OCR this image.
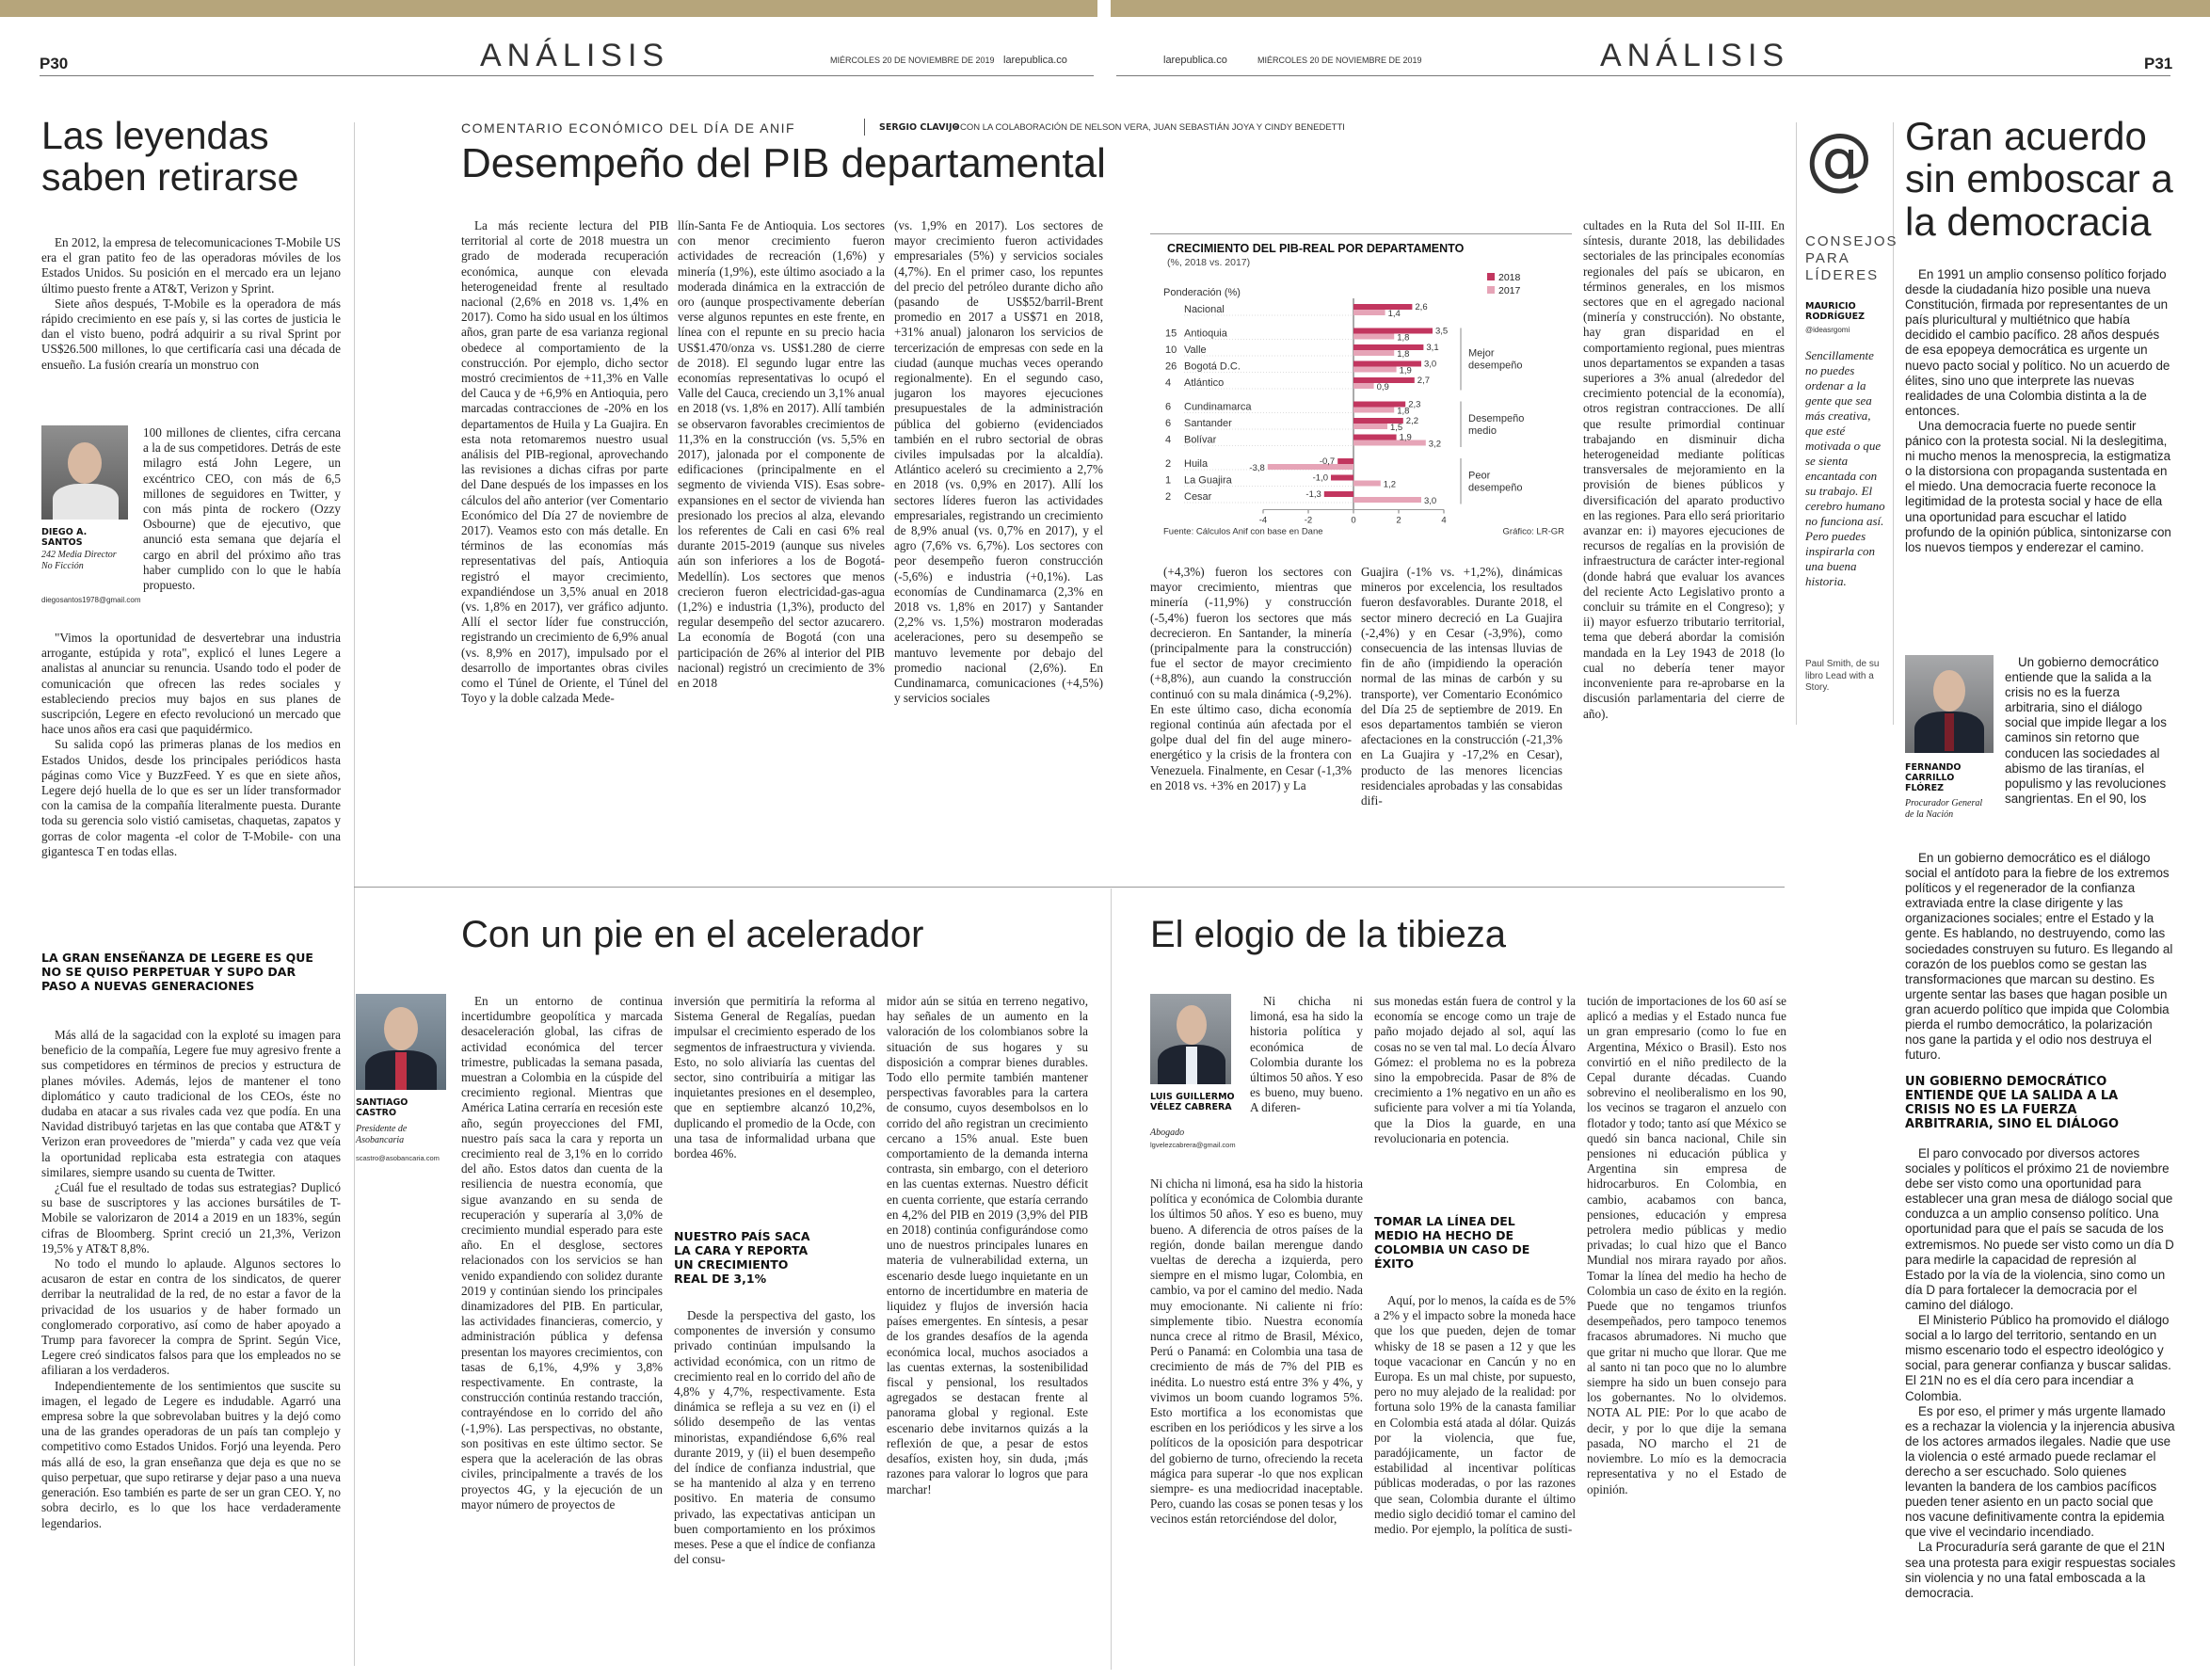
P30	ANÁLISIS	MIÉRCOLES 20 DE NOVIEMBRE DE 2019 larepublica.co	larepublica.co	MIÉRCOLES 20 DE NOVIEMBRE DE 2019	ANÁLISIS	P31
Las leyendas saben retirarse

En 2012, la empresa de telecomunicaciones T-Mobile US era el gran patito feo de las operadoras móviles de los Estados Unidos. Su posición en el mercado era un lejano último puesto frente a AT&T, Verizon y Sprint.

Siete años después, T-Mobile es la operadora de más rápido crecimiento en ese país y, si las cortes de justicia le dan el visto bueno, podrá adquirir a su rival Sprint por US$26.500 millones, lo que certificaría casi una década de ensueño. La fusión crearía un monstruo con

DIEGO A. SANTOS
242 Media Director No Ficción
diegosantos1978@gmail.com

100 millones de clientes, cifra cercana a la de sus competidores. Detrás de este milagro está John Legere, un excéntrico CEO, con más de 6,5 millones de seguidores en Twitter, y con más pinta de rockero (Ozzy Osbourne) que de ejecutivo, que anunció esta semana que dejaría el cargo en abril del próximo año tras haber cumplido con lo que le había propuesto.

"Vimos la oportunidad de desvertebrar una industria arrogante, estúpida y rota", explicó el lunes Legere a analistas al anunciar su renuncia. Usando todo el poder de comunicación que ofrecen las redes sociales y estableciendo precios muy bajos en sus planes de suscripción, Legere en efecto revolucionó un mercado que hace unos años era casi que paquidérmico.

Su salida copó las primeras planas de los medios en Estados Unidos, desde los principales periódicos hasta páginas como Vice y BuzzFeed. Y es que en siete años, Legere dejó huella de lo que es ser un líder transformador con la camisa de la compañía literalmente puesta. Durante toda su gerencia solo vistió camisetas, chaquetas, zapatos y gorras de color magenta -el color de T-Mobile- con una gigantesca T en todas ellas.

LA GRAN ENSEÑANZA DE LEGERE ES QUE NO SE QUISO PERPETUAR Y SUPO DAR PASO A NUEVAS GENERACIONES

Más allá de la sagacidad con la exploté su imagen para beneficio de la compañía, Legere fue muy agresivo frente a sus competidores en términos de precios y estructura de planes móviles. Además, lejos de mantener el tono diplomático y cauto tradicional de los CEOs, éste no dudaba en atacar a sus rivales cada vez que podía. En una Navidad distribuyó tarjetas en las que contaba que AT&T y Verizon eran proveedores de "mierda" y cada vez que veía la oportunidad replicaba esta estrategia con ataques similares, siempre usando su cuenta de Twitter.

¿Cuál fue el resultado de todas sus estrategias? Duplicó su base de suscriptores y las acciones bursátiles de T-Mobile se valorizaron de 2014 a 2019 en un 183%, según cifras de Bloomberg. Sprint creció un 21,3%, Verizon 19,5% y AT&T 8,8%.

No todo el mundo lo aplaude. Algunos sectores lo acusaron de estar en contra de los sindicatos, de querer derribar la neutralidad de la red, de no estar a favor de la privacidad de los usuarios y de haber formado un conglomerado corporativo, así como de haber apoyado a Trump para favorecer la compra de Sprint. Según Vice, Legere creó sindicatos falsos para que los empleados no se afiliaran a los verdaderos.

Independientemente de los sentimientos que suscite su imagen, el legado de Legere es indudable. Agarró una empresa sobre la que sobrevolaban buitres y la dejó como una de las grandes operadoras de un país tan complejo y competitivo como Estados Unidos. Forjó una leyenda. Pero más allá de eso, la gran enseñanza que deja es que no se quiso perpetuar, que supo retirarse y dejar paso a una nueva generación. Eso también es parte de ser un gran CEO. Y, no sobra decirlo, es lo que los hace verdaderamente legendarios.

COMENTARIO ECONÓMICO DEL DÍA DE ANIF	SERGIO CLAVIJO
• CON LA COLABORACIÓN DE NELSON VERA, JUAN SEBASTIÁN JOYA Y CINDY BENEDETTI
Desempeño del PIB departamental
La más reciente lectura del PIB territorial al corte de 2018 muestra un grado de moderada recuperación económica, aunque con elevada heterogeneidad frente al resultado nacional (2,6% en 2018 vs. 1,4% en 2017). Como ha sido usual en los últimos años, gran parte de esa varianza regional obedece al comportamiento de la construcción. Por ejemplo, dicho sector mostró crecimientos de +11,3% en Valle del Cauca y de +6,9% en Antioquia, pero marcadas contracciones de -20% en los departamentos de Huila y La Guajira. En esta nota retomaremos nuestro usual análisis del PIB-regional, aprovechando las revisiones a dichas cifras por parte del Dane después de los impasses en los cálculos del año anterior (ver Comentario Económico del Día 27 de noviembre de 2017). Veamos esto con más detalle. En términos de las economías más representativas del país, Antioquia registró el mayor crecimiento, expandiéndose un 3,5% anual en 2018 (vs. 1,8% en 2017), ver gráfico adjunto. Allí el sector líder fue construcción, registrando un crecimiento de 6,9% anual (vs. 8,9% en 2017), impulsado por el desarrollo de importantes obras civiles como el Túnel de Oriente, el Túnel del Toyo y la doble calzada Mede-
llín-Santa Fe de Antioquia. Los sectores con menor crecimiento fueron actividades de recreación (1,6%) y minería (1,9%), este último asociado a la moderada dinámica en la extracción de oro (aunque prospectivamente deberían verse algunos repuntes en este frente, en línea con el repunte en su precio hacia US$1.470/onza vs. US$1.280 de cierre de 2018). El segundo lugar entre las economías representativas lo ocupó el Valle del Cauca, creciendo un 3,1% anual en 2018 (vs. 1,8% en 2017). Allí también se observaron favorables crecimientos de 11,3% en la construcción (vs. 5,5% en 2017), jalonada por el componente de edificaciones (principalmente en el segmento de vivienda VIS). Esas sobre-expansiones en el sector de vivienda han presionado los precios al alza, elevando los referentes de Cali en casi 6% real durante 2015-2019 (aunque sus niveles aún son inferiores a los de Bogotá-Medellín). Los sectores que menos crecieron fueron electricidad-gas-agua (1,2%) e industria (1,3%), producto del regular desempeño del sector azucarero. La economía de Bogotá (con una participación de 26% al interior del PIB nacional) registró un crecimiento de 3% en 2018
(vs. 1,9% en 2017). Los sectores de mayor crecimiento fueron actividades empresariales (5%) y servicios sociales (4,7%). En el primer caso, los repuntes del precio del petróleo durante dicho año (pasando de US$52/barril-Brent promedio en 2017 a US$71 en 2018, +31% anual) jalonaron los servicios de tercerización de empresas con sede en la ciudad (aunque muchas veces operando regionalmente). En el segundo caso, jugaron los mayores ejecuciones presupuestales de la administración pública del gobierno (evidenciados también en el rubro sectorial de obras civiles impulsadas por la alcaldía). Atlántico aceleró su crecimiento a 2,7% en 2018 (vs. 0,9% en 2017). Allí los sectores líderes fueron las actividades empresariales, registrando un crecimiento de 8,9% anual (vs. 0,7% en 2017), y el agro (7,6% vs. 6,7%). Los sectores con peor desempeño fueron construcción (-5,6%) e industria (+0,1%). Las economías de Cundinamarca (2,3% en 2018 vs. 1,8% en 2017) y Santander (2,2% vs. 1,5%) mostraron moderadas aceleraciones, pero su desempeño se mantuvo levemente por debajo del promedio nacional (2,6%). En Cundinamarca, comunicaciones (+4,5%) y servicios sociales
CRECIMIENTO DEL PIB-REAL POR DEPARTAMENTO
(%, 2018 vs. 2017)
2018
2017
Ponderación (%)
-4	-2	0	2	4
Nacional	2,6
1,4
15 Antioquia	3,5
1,8
10 Valle	3,1
1,8
26 Bogotá D.C.	3,0
1,9
4 Atlántico	2,7
0,9
6 Cundinamarca	2,3
1,8
6 Santander	2,2
1,5
4 Bolívar	1,9
3,2
2 Huila	-0,7
-3,8
1 La Guajira	-1,0
1,2
2 Cesar	-1,3
3,0
Mejor
desempeño
Desempeño
medio
Peor
desempeño
Fuente: Cálculos Anif con base en Dane	Gráfico: LR-GR
(+4,3%) fueron los sectores con mayor crecimiento, mientras que minería (-11,9%) y construcción (-5,4%) fueron los sectores que más decrecieron. En Santander, la minería (principalmente para la construcción) fue el sector de mayor crecimiento (+8,8%), aun cuando la construcción continuó con su mala dinámica (-9,2%). En este último caso, dicha economía regional continúa aún afectada por el golpe dual del fin del auge minero-energético y la crisis de la frontera con Venezuela. Finalmente, en Cesar (-1,3% en 2018 vs. +3% en 2017) y La
Guajira (-1% vs. +1,2%), dinámicas mineros por excelencia, los resultados fueron desfavorables. Durante 2018, el sector minero decreció en La Guajira (-2,4%) y en Cesar (-3,9%), como consecuencia de las intensas lluvias de fin de año (impidiendo la operación normal de las minas de carbón y su transporte), ver Comentario Económico del Día 25 de septiembre de 2019. En esos departamentos también se vieron afectaciones en la construcción (-21,3% en La Guajira y -17,2% en Cesar), producto de las menores licencias residenciales aprobadas y las consabidas difi-
cultades en la Ruta del Sol II-III. En síntesis, durante 2018, las debilidades sectoriales de las principales economías regionales del país se ubicaron, en términos generales, en los mismos sectores que en el agregado nacional (minería y construcción). No obstante, hay gran disparidad en el comportamiento regional, pues mientras unos departamentos se expanden a tasas superiores a 3% anual (alrededor del crecimiento potencial de la economía), otros registran contracciones. De allí que resulte primordial continuar trabajando en disminuir dicha heterogeneidad mediante políticas transversales de mejoramiento en la provisión de bienes públicos y diversificación del aparato productivo en las regiones. Para ello será prioritario avanzar en: i) mayores ejecuciones de recursos de regalías en la provisión de infraestructura de carácter inter-regional (donde habrá que evaluar los avances del reciente Acto Legislativo pronto a concluir su trámite en el Congreso); y ii) mayor esfuerzo tributario territorial, tema que deberá abordar la comisión mandada en la Ley 1943 de 2018 (lo cual no debería tener mayor inconveniente para re-aprobarse en la discusión parlamentaria del cierre de año).
Con un pie en el acelerador
SANTIAGO CASTRO
Presidente de Asobancaria
scastro@asobancaria.com
En un entorno de continua incertidumbre geopolítica y marcada desaceleración global, las cifras de actividad económica del tercer trimestre, publicadas la semana pasada, muestran a Colombia en la cúspide del crecimiento regional. Mientras que América Latina cerraría en recesión este año, según proyecciones del FMI, nuestro país saca la cara y reporta un crecimiento real de 3,1% en lo corrido del año. Estos datos dan cuenta de la resiliencia de nuestra economía, que sigue avanzando en su senda de recuperación y superaría al 3,0% de crecimiento mundial esperado para este año. En el desglose, sectores relacionados con los servicios se han venido expandiendo con solidez durante 2019 y continúan siendo los principales dinamizadores del PIB. En particular, las actividades financieras, comercio, y administración pública y defensa presentan los mayores crecimientos, con tasas de 6,1%, 4,9% y 3,8% respectivamente. En contraste, la construcción continúa restando tracción, contrayéndose en lo corrido del año (-1,9%). Las perspectivas, no obstante, son positivas en este último sector. Se espera que la aceleración de las obras civiles, principalmente a través de los proyectos 4G, y la ejecución de un mayor número de proyectos de
inversión que permitiría la reforma al Sistema General de Regalías, puedan impulsar el crecimiento esperado de los segmentos de infraestructura y vivienda. Esto, no solo aliviaría las cuentas del sector, sino contribuiría a mitigar las inquietantes presiones en el desempleo, que en septiembre alcanzó 10,2%, duplicando el promedio de la Ocde, con una tasa de informalidad urbana que bordea 46%.
NUESTRO PAÍS SACA LA CARA Y REPORTA UN CRECIMIENTO REAL DE 3,1%
Desde la perspectiva del gasto, los componentes de inversión y consumo privado continúan impulsando la actividad económica, con un ritmo de crecimiento real en lo corrido del año de 4,8% y 4,7%, respectivamente. Esta dinámica se refleja a su vez en (i) el sólido desempeño de las ventas minoristas, expandiéndose 6,6% real durante 2019, y (ii) el buen desempeño del índice de confianza industrial, que se ha mantenido al alza y en terreno positivo. En materia de consumo privado, las expectativas anticipan un buen comportamiento en los próximos meses. Pese a que el índice de confianza del consu-
midor aún se sitúa en terreno negativo, hay señales de un aumento en la valoración de los colombianos sobre la situación de sus hogares y su disposición a comprar bienes durables. Todo ello permite también mantener perspectivas favorables para la cartera de consumo, cuyos desembolsos en lo corrido del año registran un crecimiento cercano a 15% anual. Este buen comportamiento de la demanda interna contrasta, sin embargo, con el deterioro en las cuentas externas. Nuestro déficit en cuenta corriente, que estaría cerrando en 4,2% del PIB en 2019 (3,9% del PIB en 2018) continúa configurándose como uno de nuestros principales lunares en materia de vulnerabilidad externa, un escenario desde luego inquietante en un entorno de incertidumbre en materia de liquidez y flujos de inversión hacia países emergentes. En síntesis, a pesar de los grandes desafíos de la agenda económica local, muchos asociados a las cuentas externas, la sostenibilidad fiscal y pensional, los resultados agregados se destacan frente al panorama global y regional. Este escenario debe invitarnos quizás a la reflexión de que, a pesar de estos desafíos, existen hoy, sin duda, ¡más razones para valorar lo logros que para marchar!
El elogio de la tibieza
LUIS GUILLERMO VÉLEZ CABRERA
Abogado
lgvelezcabrera@gmail.com
Ni chicha ni limoná, esa ha sido la historia política y económica de Colombia durante los últimos 50 años. Y eso es bueno, muy bueno. A diferen-
Ni chicha ni limoná, esa ha sido la historia política y económica de Colombia durante los últimos 50 años. Y eso es bueno, muy bueno. A diferencia de otros países de la región, donde bailan merengue dando vueltas de derecha a izquierda, pero siempre en el mismo lugar, Colombia, en cambio, va por el camino del medio. Nada muy emocionante. Ni caliente ni frío: simplemente tibio. Nuestra economía nunca crece al ritmo de Brasil, México, Perú o Panamá: en Colombia una tasa de crecimiento de más de 7% del PIB es inédita. Lo nuestro está entre 3% y 4%, y vivimos un boom cuando logramos 5%. Esto mortifica a los economistas que escriben en los periódicos y les sirve a los políticos de la oposición para despotricar del gobierno de turno, ofreciendo la receta mágica para superar -lo que nos explican siempre- es una mediocridad inaceptable. Pero, cuando las cosas se ponen tesas y los vecinos están retorciéndose del dolor,
sus monedas están fuera de control y la economía se encoge como un traje de paño mojado dejado al sol, aquí las cosas no se ven tal mal. Lo decía Álvaro Gómez: el problema no es la pobreza sino la empobrecida. Pasar de 8% de crecimiento a 1% negativo en un año es suficiente para volver a mi tía Yolanda, que la Dios la guarde, en una revolucionaria en potencia.
TOMAR LA LÍNEA DEL MEDIO HA HECHO DE COLOMBIA UN CASO DE ÉXITO
Aquí, por lo menos, la caída es de 5% a 2% y el impacto sobre la moneda hace que los que pueden, dejen de tomar whisky de 18 se pasen a 12 y que les toque vacacionar en Cancún y no en Europa. Es un mal chiste, por supuesto, pero no muy alejado de la realidad: por fortuna solo 19% de la canasta familiar en Colombia está atada al dólar. Quizás por la violencia, que fue, paradójicamente, un factor de estabilidad al incentivar políticas públicas moderadas, o por las razones que sean, Colombia durante el último medio siglo decidió tomar el camino del medio. Por ejemplo, la política de susti-
tución de importaciones de los 60 así se aplicó a medias y el Estado nunca fue un gran empresario (como lo fue en Argentina, México o Brasil). Esto nos convirtió en el niño predilecto de la Cepal durante décadas. Cuando sobrevino el neoliberalismo en los 90, los vecinos se tragaron el anzuelo con flotador y todo; tanto así que México se quedó sin banca nacional, Chile sin pensiones ni educación pública y Argentina sin empresa de hidrocarburos. En Colombia, en cambio, acabamos con banca, pensiones, educación y empresa petrolera medio públicas y medio privadas; lo cual hizo que el Banco Mundial nos mirara rayado por años. Tomar la línea del medio ha hecho de Colombia un caso de éxito en la región. Puede que no tengamos triunfos desempeñados, pero tampoco tenemos fracasos abrumadores. Ni mucho que que gritar ni mucho que llorar. Que me al santo ni tan poco que no lo alumbre siempre ha sido un buen consejo para los gobernantes. No lo olvidemos. NOTA AL PIE: Por lo que acabo de decir, y por lo que dije la semana pasada, NO marcho el 21 de noviembre. Lo mío es la democracia representativa y no el Estado de opinión.
@
CONSEJOS PARA LÍDERES
MAURICIO RODRÍGUEZ
@ideasrgomi
Sencillamente no puedes ordenar a la gente que sea más creativa, que esté motivada o que se sienta encantada con su trabajo. El cerebro humano no funciona así. Pero puedes inspirarla con una buena historia.
Paul Smith, de su libro Lead with a Story.
Gran acuerdo sin emboscar a la democracia

En 1991 un amplio consenso político forjado desde la ciudadanía hizo posible una nueva Constitución, firmada por representantes de un país pluricultural y multiétnico que había decidido el cambio pacífico. 28 años después de esa epopeya democrática es urgente un nuevo pacto social y político. No un acuerdo de élites, sino uno que interprete las nuevas realidades de una Colombia distinta a la de entonces.

Una democracia fuerte no puede sentir pánico con la protesta social. Ni la deslegitima, ni mucho menos la menosprecia, la estigmatiza o la distorsiona con propaganda sustentada en el miedo. Una democracia fuerte reconoce la legitimidad de la protesta social y hace de ella una oportunidad para escuchar el latido profundo de la opinión pública, sintonizarse con los nuevos tiempos y enderezar el camino.

FERNANDO CARRILLO FLÓREZ
Procurador General de la Nación
Un gobierno democrático entiende que la salida a la crisis no es la fuerza arbitraria, sino el diálogo social que impide llegar a los caminos sin retorno que conducen las sociedades al abismo de las tiranías, el populismo y las revoluciones sangrientas. En el 90, los
En un gobierno democrático es el diálogo social el antídoto para la fiebre de los extremos políticos y el regenerador de la confianza extraviada entre la clase dirigente y las organizaciones sociales; entre el Estado y la gente. Es hablando, no destruyendo, como las sociedades construyen su futuro. Es llegando al corazón de los pueblos como se gestan las transformaciones que marcan su destino. Es urgente sentar las bases que hagan posible un gran acuerdo político que impida que Colombia pierda el rumbo democrático, la polarización nos gane la partida y el odio nos destruya el futuro.
UN GOBIERNO DEMOCRÁTICO ENTIENDE QUE LA SALIDA A LA CRISIS NO ES LA FUERZA ARBITRARIA, SINO EL DIÁLOGO

El paro convocado por diversos actores sociales y políticos el próximo 21 de noviembre debe ser visto como una oportunidad para establecer una gran mesa de diálogo social que conduzca a un amplio consenso político. Una oportunidad para que el país se sacuda de los extremismos. No puede ser visto como un día D para medirle la capacidad de represión al Estado por la vía de la violencia, sino como un día D para fortalecer la democracia por el camino del diálogo.

El Ministerio Público ha promovido el diálogo social a lo largo del territorio, sentando en un mismo escenario todo el espectro ideológico y social, para generar confianza y buscar salidas. El 21N no es el día cero para incendiar a Colombia.

Es por eso, el primer y más urgente llamado es a rechazar la violencia y la injerencia abusiva de los actores armados ilegales. Nadie que use la violencia o esté armado puede reclamar el derecho a ser escuchado. Solo quienes levanten la bandera de los cambios pacíficos pueden tener asiento en un pacto social que nos vacune definitivamente contra la epidemia que vive el vecindario incendiado.

La Procuraduría será garante de que el 21N sea una protesta para exigir respuestas sociales sin violencia y no una fatal emboscada a la democracia.
